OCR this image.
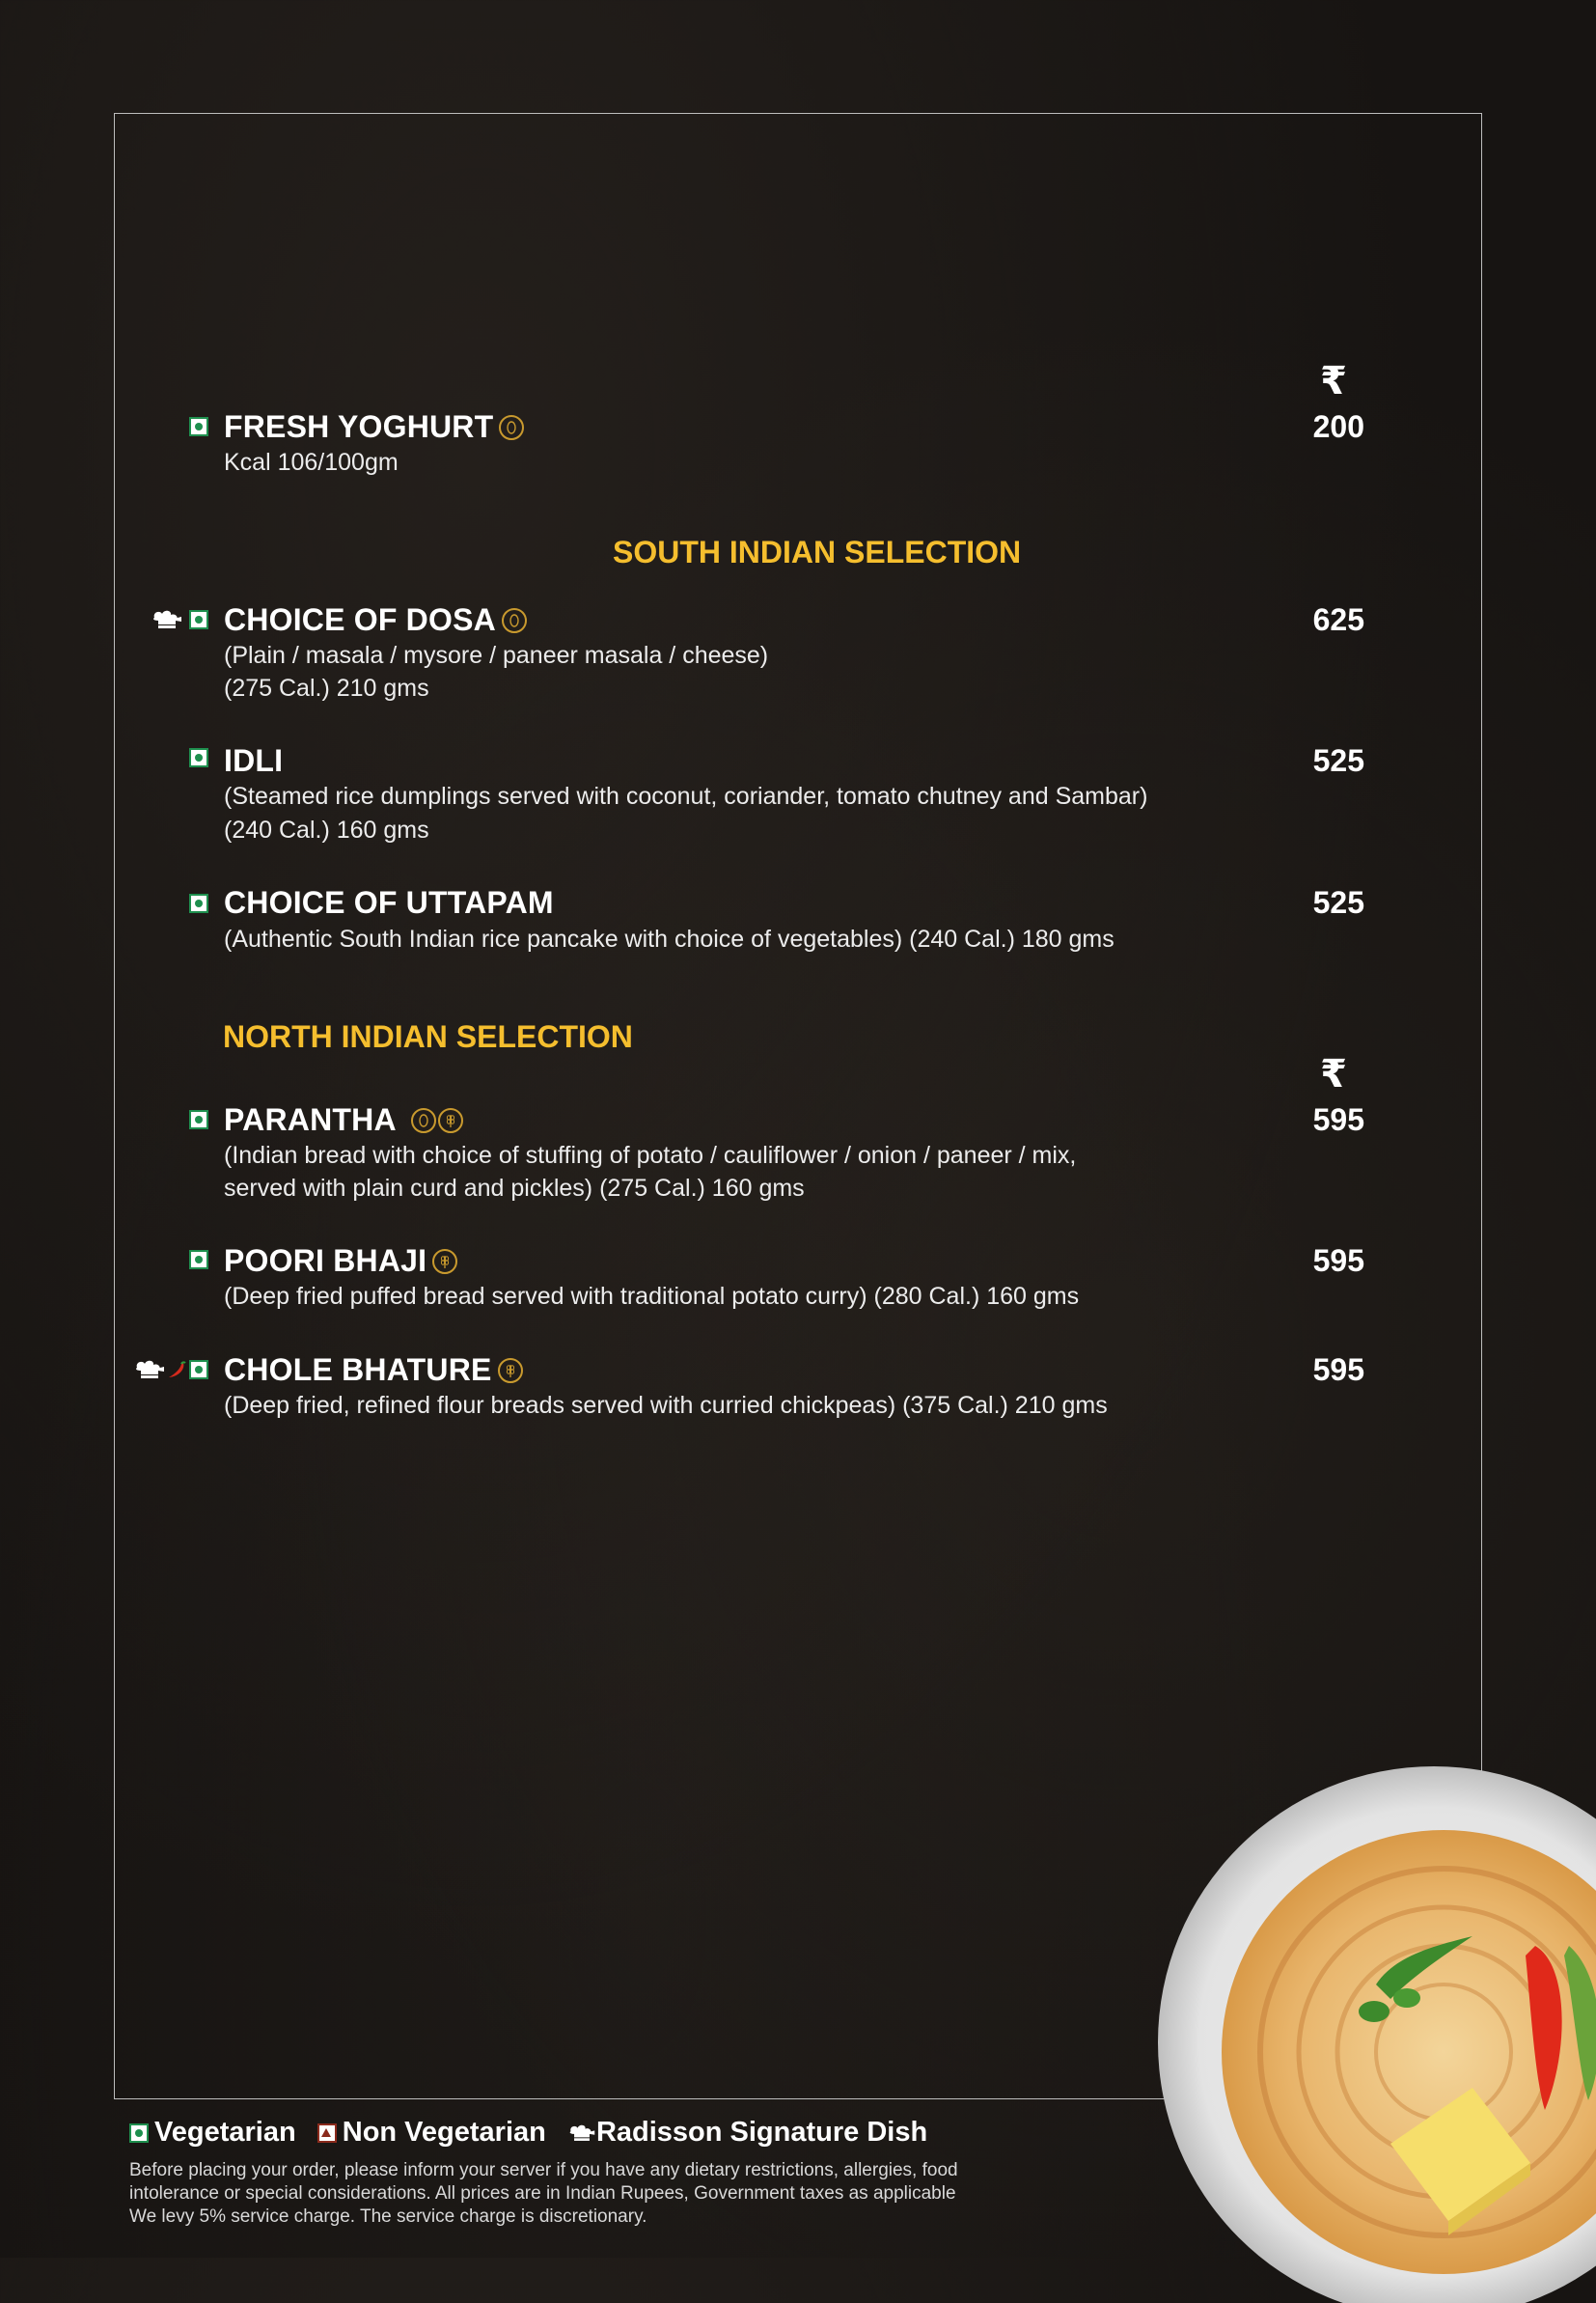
₹
₹
FRESH YOGHURT	200
Kcal 106/100gm
SOUTH INDIAN SELECTION
CHOICE OF DOSA	625
(Plain / masala / mysore / paneer masala / cheese)
(275 Cal.) 210 gms
IDLI	525
(Steamed rice dumplings served with coconut, coriander, tomato chutney and Sambar)
(240 Cal.) 160 gms
CHOICE OF UTTAPAM	525
(Authentic South Indian rice pancake with choice of vegetables) (240 Cal.) 180 gms
NORTH INDIAN SELECTION
PARANTHA	595
(Indian bread with choice of stuffing of potato / cauliflower / onion / paneer / mix,
served with plain curd and pickles) (275 Cal.) 160 gms
POORI BHAJI	595
(Deep fried puffed bread served with traditional potato curry) (280 Cal.) 160 gms
CHOLE BHATURE	595
(Deep fried, refined flour breads served with curried chickpeas) (375 Cal.) 210 gms
Vegetarian Non Vegetarian Radisson Signature Dish
Before placing your order, please inform your server if you have any dietary restrictions, allergies, food
intolerance or special considerations. All prices are in Indian Rupees, Government taxes as applicable
We levy 5% service charge. The service charge is discretionary.
